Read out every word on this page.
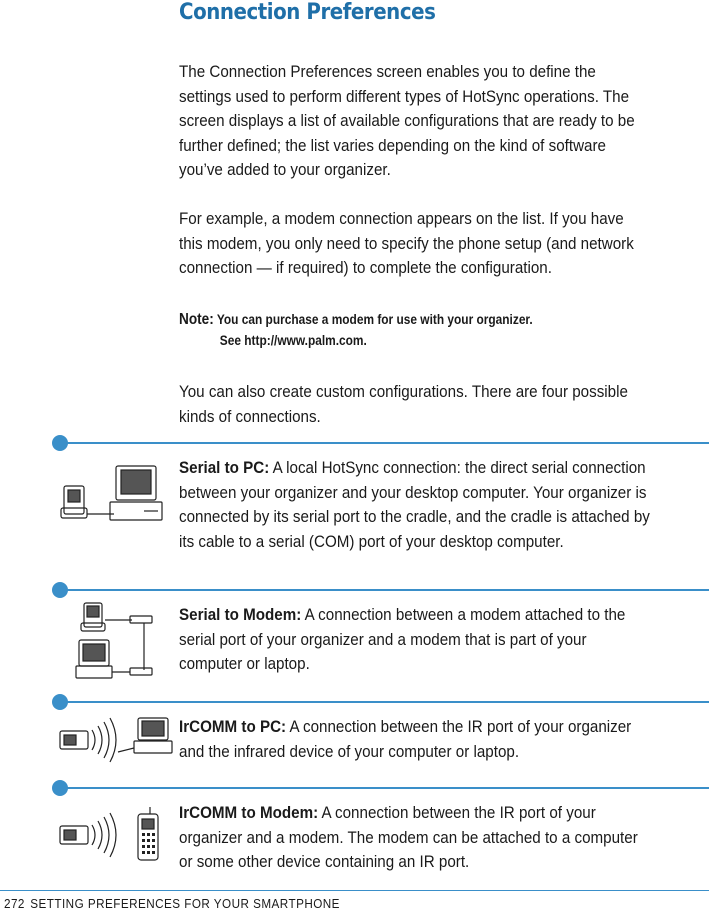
Connection Preferences
The Connection Preferences screen enables you to define the settings used to perform different types of HotSync operations. The screen displays a list of available configurations that are ready to be further defined; the list varies depending on the kind of software you’ve added to your organizer.
For example, a modem connection appears on the list. If you have this modem, you only need to specify the phone setup (and network connection — if required) to complete the configuration.
Note: You can purchase a modem for use with your organizer.
See http://www.palm.com.
You can also create custom configurations. There are four possible kinds of connections.
Serial to PC: A local HotSync connection: the direct serial connection between your organizer and your desktop computer. Your organizer is connected by its serial port to the cradle, and the cradle is attached by its cable to a serial (COM) port of your desktop computer.
Serial to Modem: A connection between a modem attached to the serial port of your organizer and a modem that is part of your computer or laptop.
IrCOMM to PC: A connection between the IR port of your organizer and the infrared device of your computer or laptop.
IrCOMM to Modem: A connection between the IR port of your organizer and a modem. The modem can be attached to a computer or some other device containing an IR port.
272 SETTING PREFERENCES FOR YOUR SMARTPHONE
